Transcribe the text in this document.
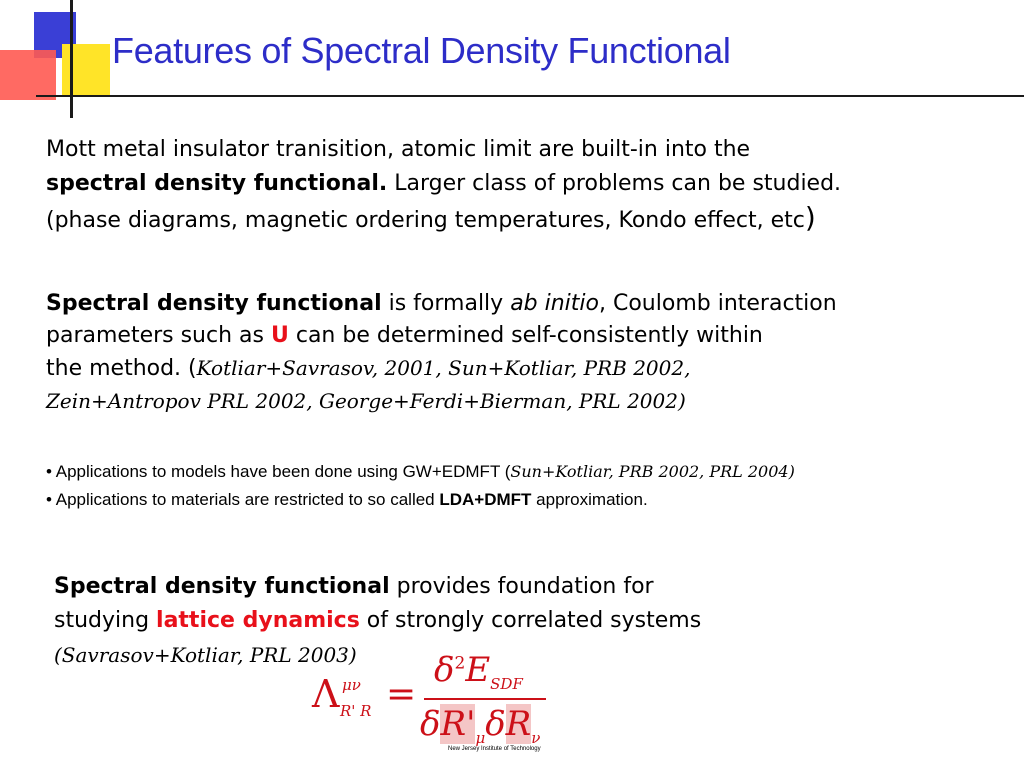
Features of Spectral Density Functional

Mott metal insulator tranisition, atomic limit are built-in into the
spectral density functional. Larger class of problems can be studied.
(phase diagrams, magnetic ordering temperatures, Kondo effect, etc)

Spectral density functional is formally ab initio, Coulomb interaction
parameters such as U can be determined self-consistently within
the method. (Kotliar+Savrasov, 2001, Sun+Kotliar, PRB 2002,
Zein+Antropov PRL 2002, George+Ferdi+Bierman, PRL 2002)

• Applications to models have been done using GW+EDMFT (Sun+Kotliar, PRB 2002, PRL 2004)
• Applications to materials are restricted to so called LDA+DMFT approximation.

Spectral density functional provides foundation for
studying lattice dynamics of strongly correlated systems
(Savrasov+Kotliar, PRL 2003)

Λ μν
R' R =
$\delta^2E_{SDF}$
$\delta R'_\mu\delta R_\nu$
New Jersey Institute of Technology
